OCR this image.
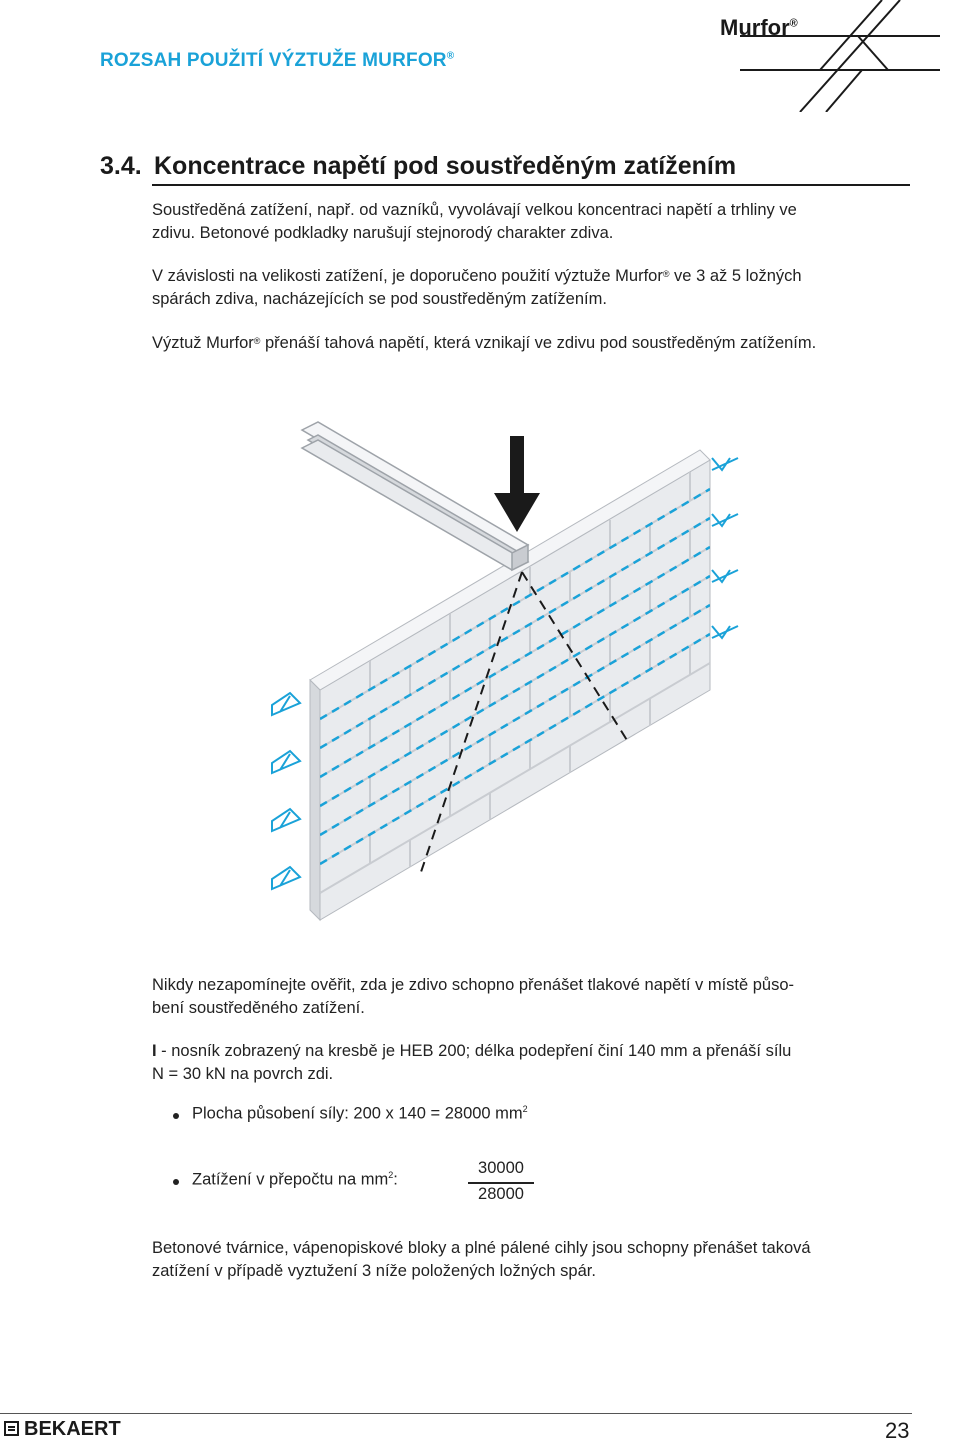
ROZSAH POUŽITÍ VÝZTUŽE MURFOR®
Murfor®
3.4. Koncentrace napětí pod soustředěným zatížením
Soustředěná zatížení, např. od vazníků, vyvolávají velkou koncentraci napětí a trhliny ve
zdivu. Betonové podkladky narušují stejnorodý charakter zdiva.
V závislosti na velikosti zatížení, je doporučeno použití výztuže Murfor® ve 3 až 5 ložných
spárách zdiva, nacházejících se pod soustředěným zatížením.
Výztuž Murfor® přenáší tahová napětí, která vznikají ve zdivu pod soustředěným zatížením.
Nikdy nezapomínejte ověřit, zda je zdivo schopno přenášet tlakové napětí v místě půso-
bení soustředěného zatížení.
I - nosník zobrazený na kresbě je HEB 200; délka podepření činí 140 mm a přenáší sílu
N = 30 kN na povrch zdi.
Plocha působení síly: 200 x 140 = 28000 $mm^2$
Zatížení v přepočtu na $mm^2$:
30000
28000
Betonové tvárnice, vápenopiskové bloky a plné pálené cihly jsou schopny přenášet taková
zatížení v případě vyztužení 3 níže položených ložných spár.
BEKAERT	23
